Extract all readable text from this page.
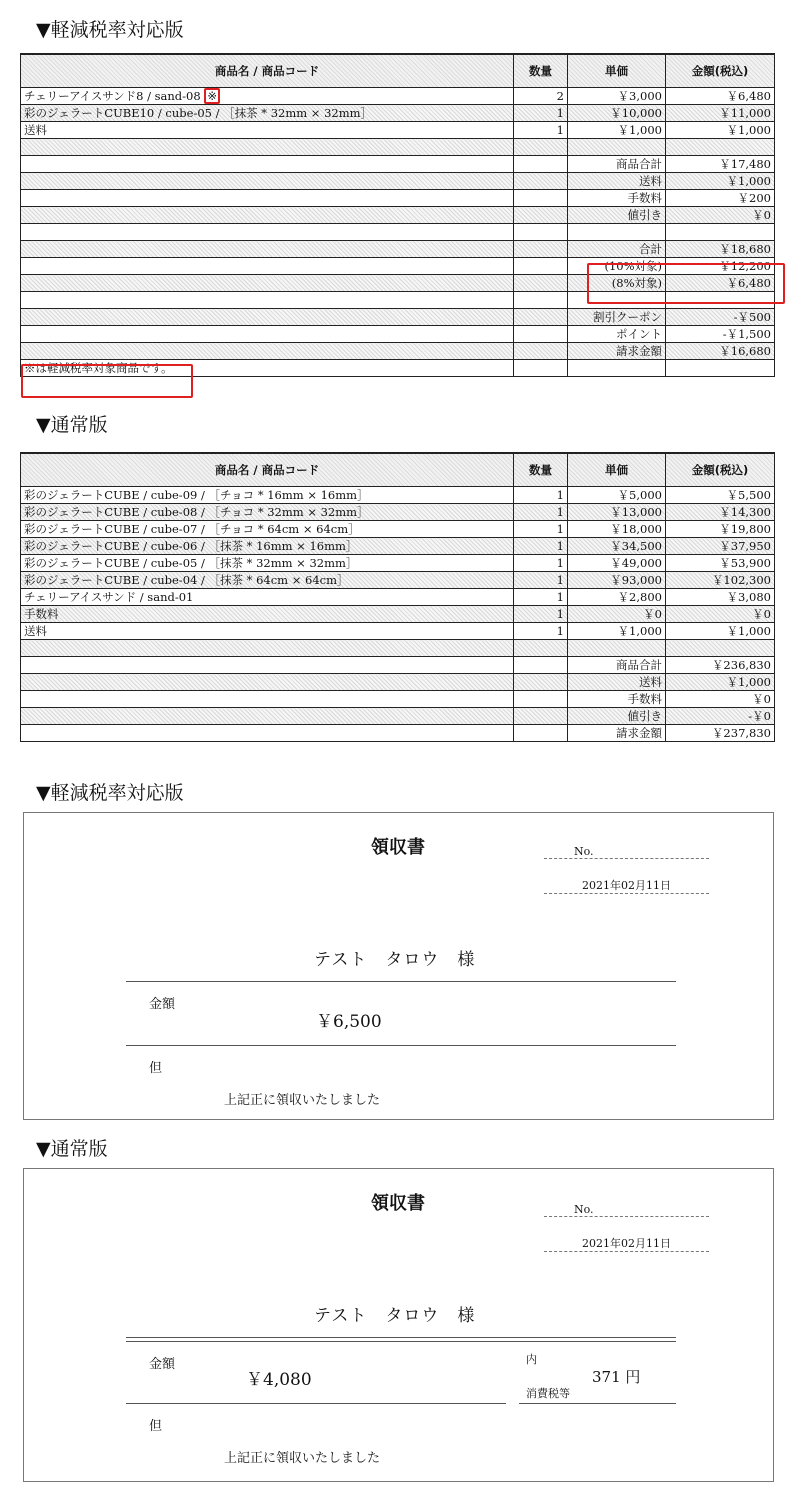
▼軽減税率対応版
商品名 / 商品コード	数量	単価	金額(税込)
チェリーアイスサンド8 / sand-08 ※	2	￥3,000	￥6,480
彩のジェラートCUBE10 / cube-05 / ［抹茶 * 32mm × 32mm］	1	￥10,000	￥11,000
送料	1	￥1,000	￥1,000

		商品合計	￥17,480
		送料	￥1,000
		手数料	￥200
		値引き	￥0

		合計	￥18,680
		(10%対象)	￥12,200
		(8%対象)	￥6,480

		割引クーポン	-￥500
		ポイント	-￥1,500
		請求金額	￥16,680
※は軽減税率対象商品です。			
▼通常版
商品名 / 商品コード	数量	単価	金額(税込)
彩のジェラートCUBE / cube-09 / ［チョコ * 16mm × 16mm］	1	￥5,000	￥5,500
彩のジェラートCUBE / cube-08 / ［チョコ * 32mm × 32mm］	1	￥13,000	￥14,300
彩のジェラートCUBE / cube-07 / ［チョコ * 64cm × 64cm］	1	￥18,000	￥19,800
彩のジェラートCUBE / cube-06 / ［抹茶 * 16mm × 16mm］	1	￥34,500	￥37,950
彩のジェラートCUBE / cube-05 / ［抹茶 * 32mm × 32mm］	1	￥49,000	￥53,900
彩のジェラートCUBE / cube-04 / ［抹茶 * 64cm × 64cm］	1	￥93,000	￥102,300
チェリーアイスサンド / sand-01	1	￥2,800	￥3,080
手数料	1	￥0	￥0
送料	1	￥1,000	￥1,000

		商品合計	￥236,830
		送料	￥1,000
		手数料	￥0
		値引き	-￥0
		請求金額	￥237,830
▼軽減税率対応版
領収書	No.
2021年02月11日
テスト　タロウ　様
金額
￥6,500
但
上記正に領収いたしました
▼通常版
領収書	No.
2021年02月11日
テスト　タロウ　様
金額
￥4,080
内
371 円
消費税等
但
上記正に領収いたしました
